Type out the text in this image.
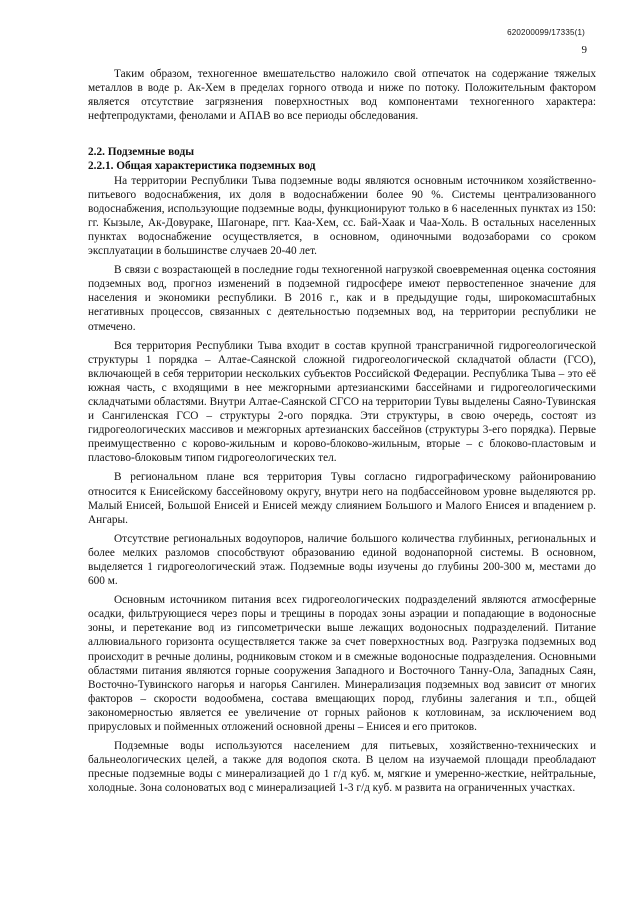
620200099/17335(1)
9

Таким образом, техногенное вмешательство наложило свой отпечаток на содержание тяжелых металлов в воде р. Ак-Хем в пределах горного отвода и ниже по потоку. Положительным фактором является отсутствие загрязнения поверхностных вод компонентами техногенного характера: нефтепродуктами, фенолами и АПАВ во все периоды обследования.

2.2. Подземные воды
2.2.1. Общая характеристика подземных вод

На территории Республики Тыва подземные воды являются основным источником хозяйственно-питьевого водоснабжения, их доля в водоснабжении более 90 %. Системы централизованного водоснабжения, использующие подземные воды, функционируют только в 6 населенных пунктах из 150: гг. Кызыле, Ак-Довураке, Шагонаре, пгт. Каа-Хем, сс. Бай-Хаак и Чаа-Холь. В остальных населенных пунктах водоснабжение осуществляется, в основном, одиночными водозаборами со сроком эксплуатации в большинстве случаев 20-40 лет.

В связи с возрастающей в последние годы техногенной нагрузкой своевременная оценка состояния подземных вод, прогноз изменений в подземной гидросфере имеют первостепенное значение для населения и экономики республики. В 2016 г., как и в предыдущие годы, широкомасштабных негативных процессов, связанных с деятельностью подземных вод, на территории республики не отмечено.

Вся территория Республики Тыва входит в состав крупной трансграничной гидрогеологической структуры 1 порядка – Алтае-Саянской сложной гидрогеологической складчатой области (ГСО), включающей в себя территории нескольких субъектов Российской Федерации. Республика Тыва – это её южная часть, с входящими в нее межгорными артезианскими бассейнами и гидрогеологическими складчатыми областями. Внутри Алтае-Саянской СГСО на территории Тувы выделены Саяно-Тувинская и Сангиленская ГСО – структуры 2-ого порядка. Эти структуры, в свою очередь, состоят из гидрогеологических массивов и межгорных артезианских бассейнов (структуры 3-его порядка). Первые преимущественно с корово-жильным и корово-блоково-жильным, вторые – с блоково-пластовым и пластово-блоковым типом гидрогеологических тел.

В региональном плане вся территория Тувы согласно гидрографическому районированию относится к Енисейскому бассейновому округу, внутри него на подбассейновом уровне выделяются рр. Малый Енисей, Большой Енисей и Енисей между слиянием Большого и Малого Енисея и впадением р. Ангары.

Отсутствие региональных водоупоров, наличие большого количества глубинных, региональных и более мелких разломов способствуют образованию единой водонапорной системы. В основном, выделяется 1 гидрогеологический этаж. Подземные воды изучены до глубины 200-300 м, местами до 600 м.

Основным источником питания всех гидрогеологических подразделений являются атмосферные осадки, фильтрующиеся через поры и трещины в породах зоны аэрации и попадающие в водоносные зоны, и перетекание вод из гипсометрически выше лежащих водоносных подразделений. Питание аллювиального горизонта осуществляется также за счет поверхностных вод. Разгрузка подземных вод происходит в речные долины, родниковым стоком и в смежные водоносные подразделения. Основными областями питания являются горные сооружения Западного и Восточного Танну-Ола, Западных Саян, Восточно-Тувинского нагорья и нагорья Сангилен. Минерализация подземных вод зависит от многих факторов – скорости водообмена, состава вмещающих пород, глубины залегания и т.п., общей закономерностью является ее увеличение от горных районов к котловинам, за исключением вод прирусловых и пойменных отложений основной дрены – Енисея и его притоков.

Подземные воды используются населением для питьевых, хозяйственно-технических и бальнеологических целей, а также для водопоя скота. В целом на изучаемой площади преобладают пресные подземные воды с минерализацией до 1 г/д куб. м, мягкие и умеренно-жесткие, нейтральные, холодные. Зона солоноватых вод с минерализацией 1-3 г/д куб. м развита на ограниченных участках.
